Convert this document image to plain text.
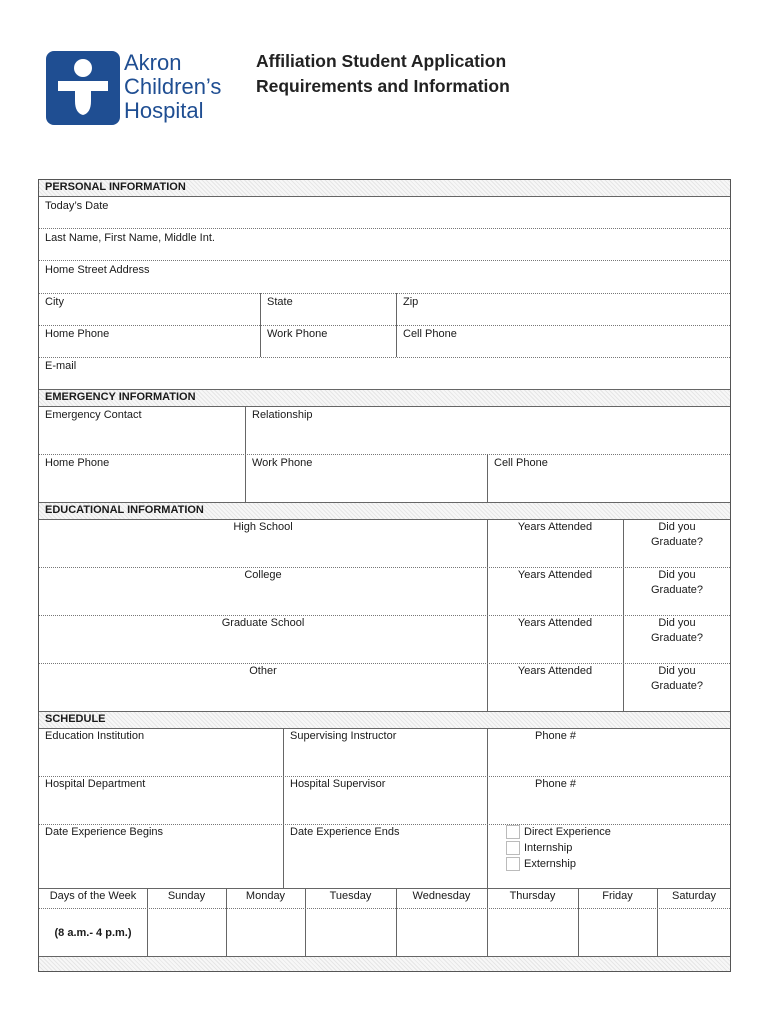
Akron
Children’s
Hospital
Affiliation Student Application
Requirements and Information
PERSONAL INFORMATION
Today’s Date
Last Name, First Name, Middle Int.
Home Street Address
City	State	Zip
Home Phone	Work Phone	Cell Phone
E-mail
EMERGENCY INFORMATION
Emergency Contact	Relationship
Home Phone	Work Phone	Cell Phone
EDUCATIONAL INFORMATION
High School	Years Attended	Did you
Graduate?
College	Years Attended	Did you
Graduate?
Graduate School	Years Attended	Did you
Graduate?
Other	Years Attended	Did you
Graduate?
SCHEDULE
Education Institution	Supervising Instructor	Phone #
Hospital Department	Hospital Supervisor	Phone #
Date Experience Begins	Date Experience Ends	Direct Experience
Internship
Externship
Days of the Week	Sunday	Monday	Tuesday	Wednesday	Thursday	Friday	Saturday
(8 a.m.- 4 p.m.)
